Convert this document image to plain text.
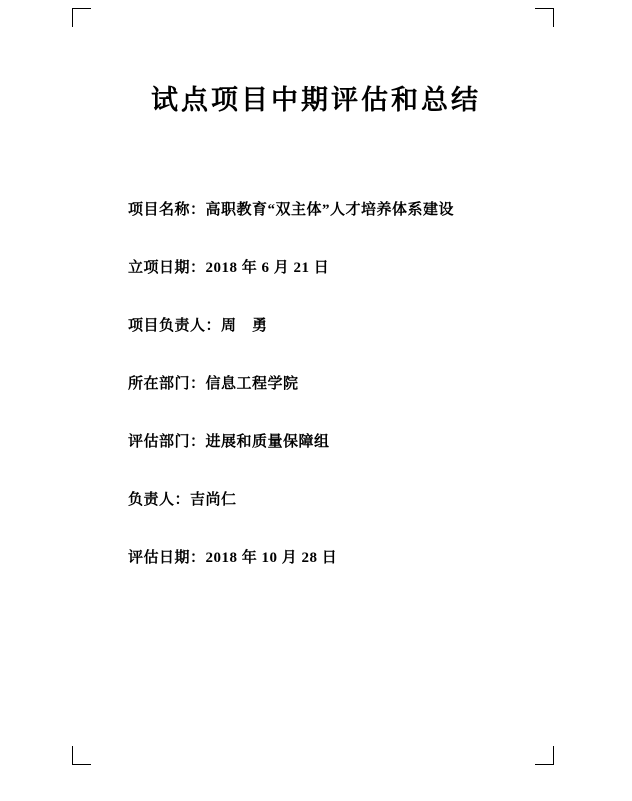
试点项目中期评估和总结
项目名称：高职教育“双主体”人才培养体系建设
立项日期：2018 年 6 月 21 日
项目负责人：周　勇
所在部门：信息工程学院
评估部门：进展和质量保障组
负责人：吉尚仁
评估日期：2018 年 10 月 28 日
